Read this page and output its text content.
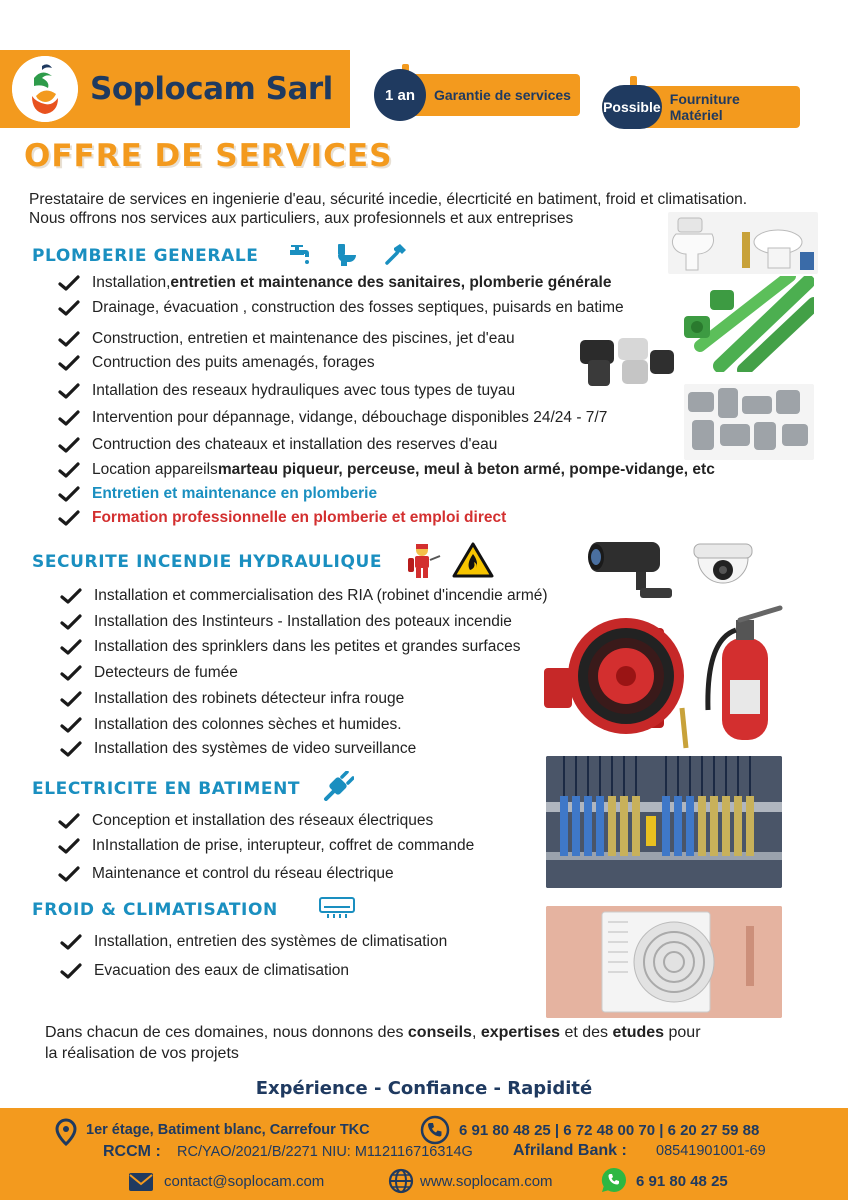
Soplocam Sarl	1 an	Garantie de services
Possible Fourniture Matériel
OFFRE DE SERVICES
Prestataire de services en ingenierie d'eau, sécurité incedie, élecrticité en batiment, froid et climatisation.
Nous offrons nos services aux particuliers, aux profesionnels et aux entreprises
PLOMBERIE GENERALE
Installation, entretien et maintenance des sanitaires, plomberie générale
Drainage, évacuation , construction des fosses septiques, puisards en batime
Construction, entretien et maintenance des piscines, jet d'eau
Contruction des puits amenagés, forages
Intallation des reseaux hydrauliques avec tous types de tuyau
Intervention pour dépannage, vidange, débouchage disponibles 24/24 - 7/7
Contruction des chateaux et installation des reserves d'eau
Location appareils marteau piqueur, perceuse, meul à beton armé, pompe-vidange, etc
Entretien et maintenance en plomberie
Formation professionnelle en plomberie et emploi direct
SECURITE INCENDIE HYDRAULIQUE
Installation et commercialisation des RIA (robinet d'incendie armé)
Installation des Instinteurs - Installation des poteaux incendie
Installation des sprinklers dans les petites et grandes surfaces
Detecteurs de fumée
Installation des robinets détecteur infra rouge
Installation des colonnes sèches et humides.
Installation des systèmes de video surveillance
ELECTRICITE EN BATIMENT
Conception et installation des réseaux électriques
InInstallation de prise, interupteur, coffret de commande
Maintenance et control du réseau électrique
FROID & CLIMATISATION
Installation, entretien des systèmes de climatisation
Evacuation des eaux de climatisation
Dans chacun de ces domaines, nous donnons des conseils, expertises et des etudes pour
la réalisation de vos projets
Expérience - Confiance - Rapidité
1er étage, Batiment blanc, Carrefour TKC	6 91 80 48 25 | 6 72 48 00 70 | 6 20 27 59 88
RCCM : RC/YAO/2021/B/2271 NIU: M112116716314G	Afriland Bank : 08541901001-69
contact@soplocam.com	www.soplocam.com	6 91 80 48 25
